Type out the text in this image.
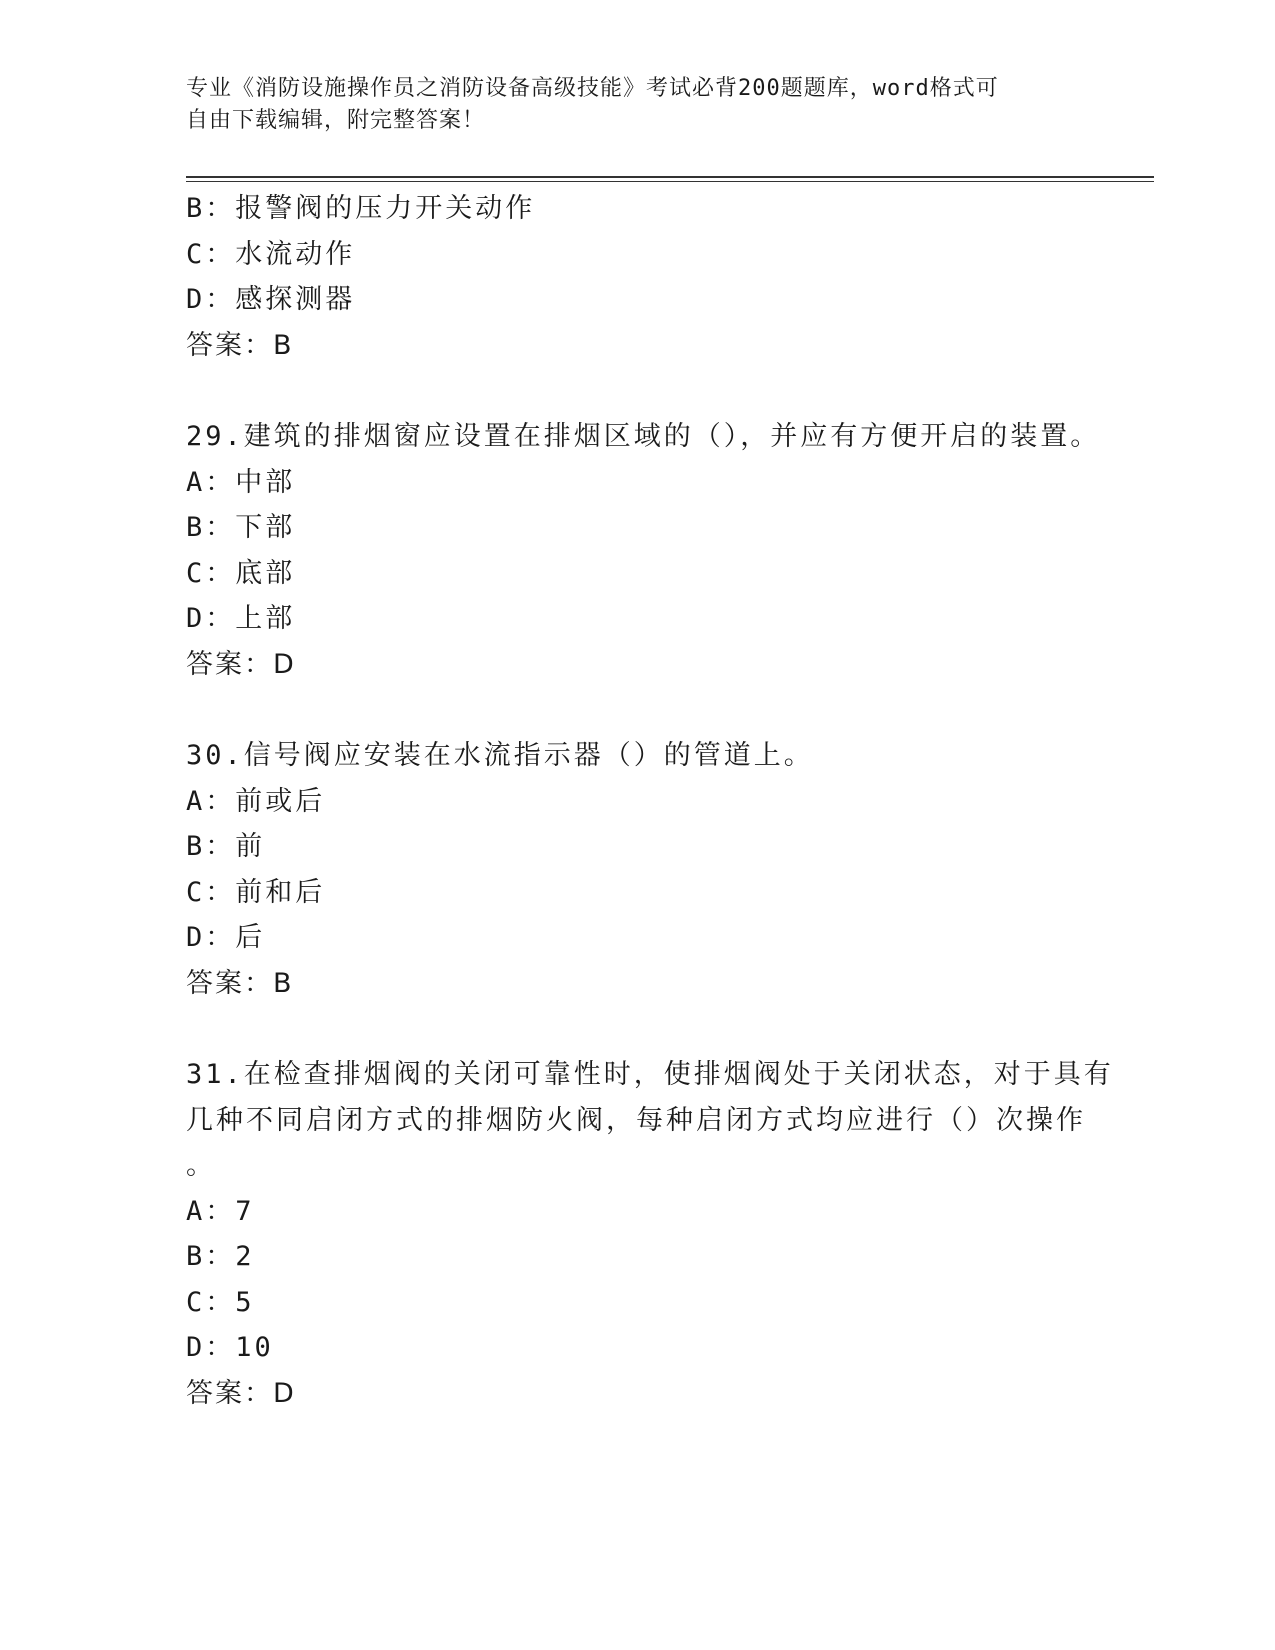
专业《消防设施操作员之消防设备高级技能》考试必背200题题库，word格式可
自由下载编辑，附完整答案！
B：报警阀的压力开关动作
C：水流动作
D：感探测器
答案：B
29.建筑的排烟窗应设置在排烟区域的（），并应有方便开启的装置。
A：中部
B：下部
C：底部
D：上部
答案：D
30.信号阀应安装在水流指示器（）的管道上。
A：前或后
B：前
C：前和后
D：后
答案：B
31.在检查排烟阀的关闭可靠性时，使排烟阀处于关闭状态，对于具有
几种不同启闭方式的排烟防火阀，每种启闭方式均应进行（）次操作
。
A：7
B：2
C：5
D：10
答案：D
